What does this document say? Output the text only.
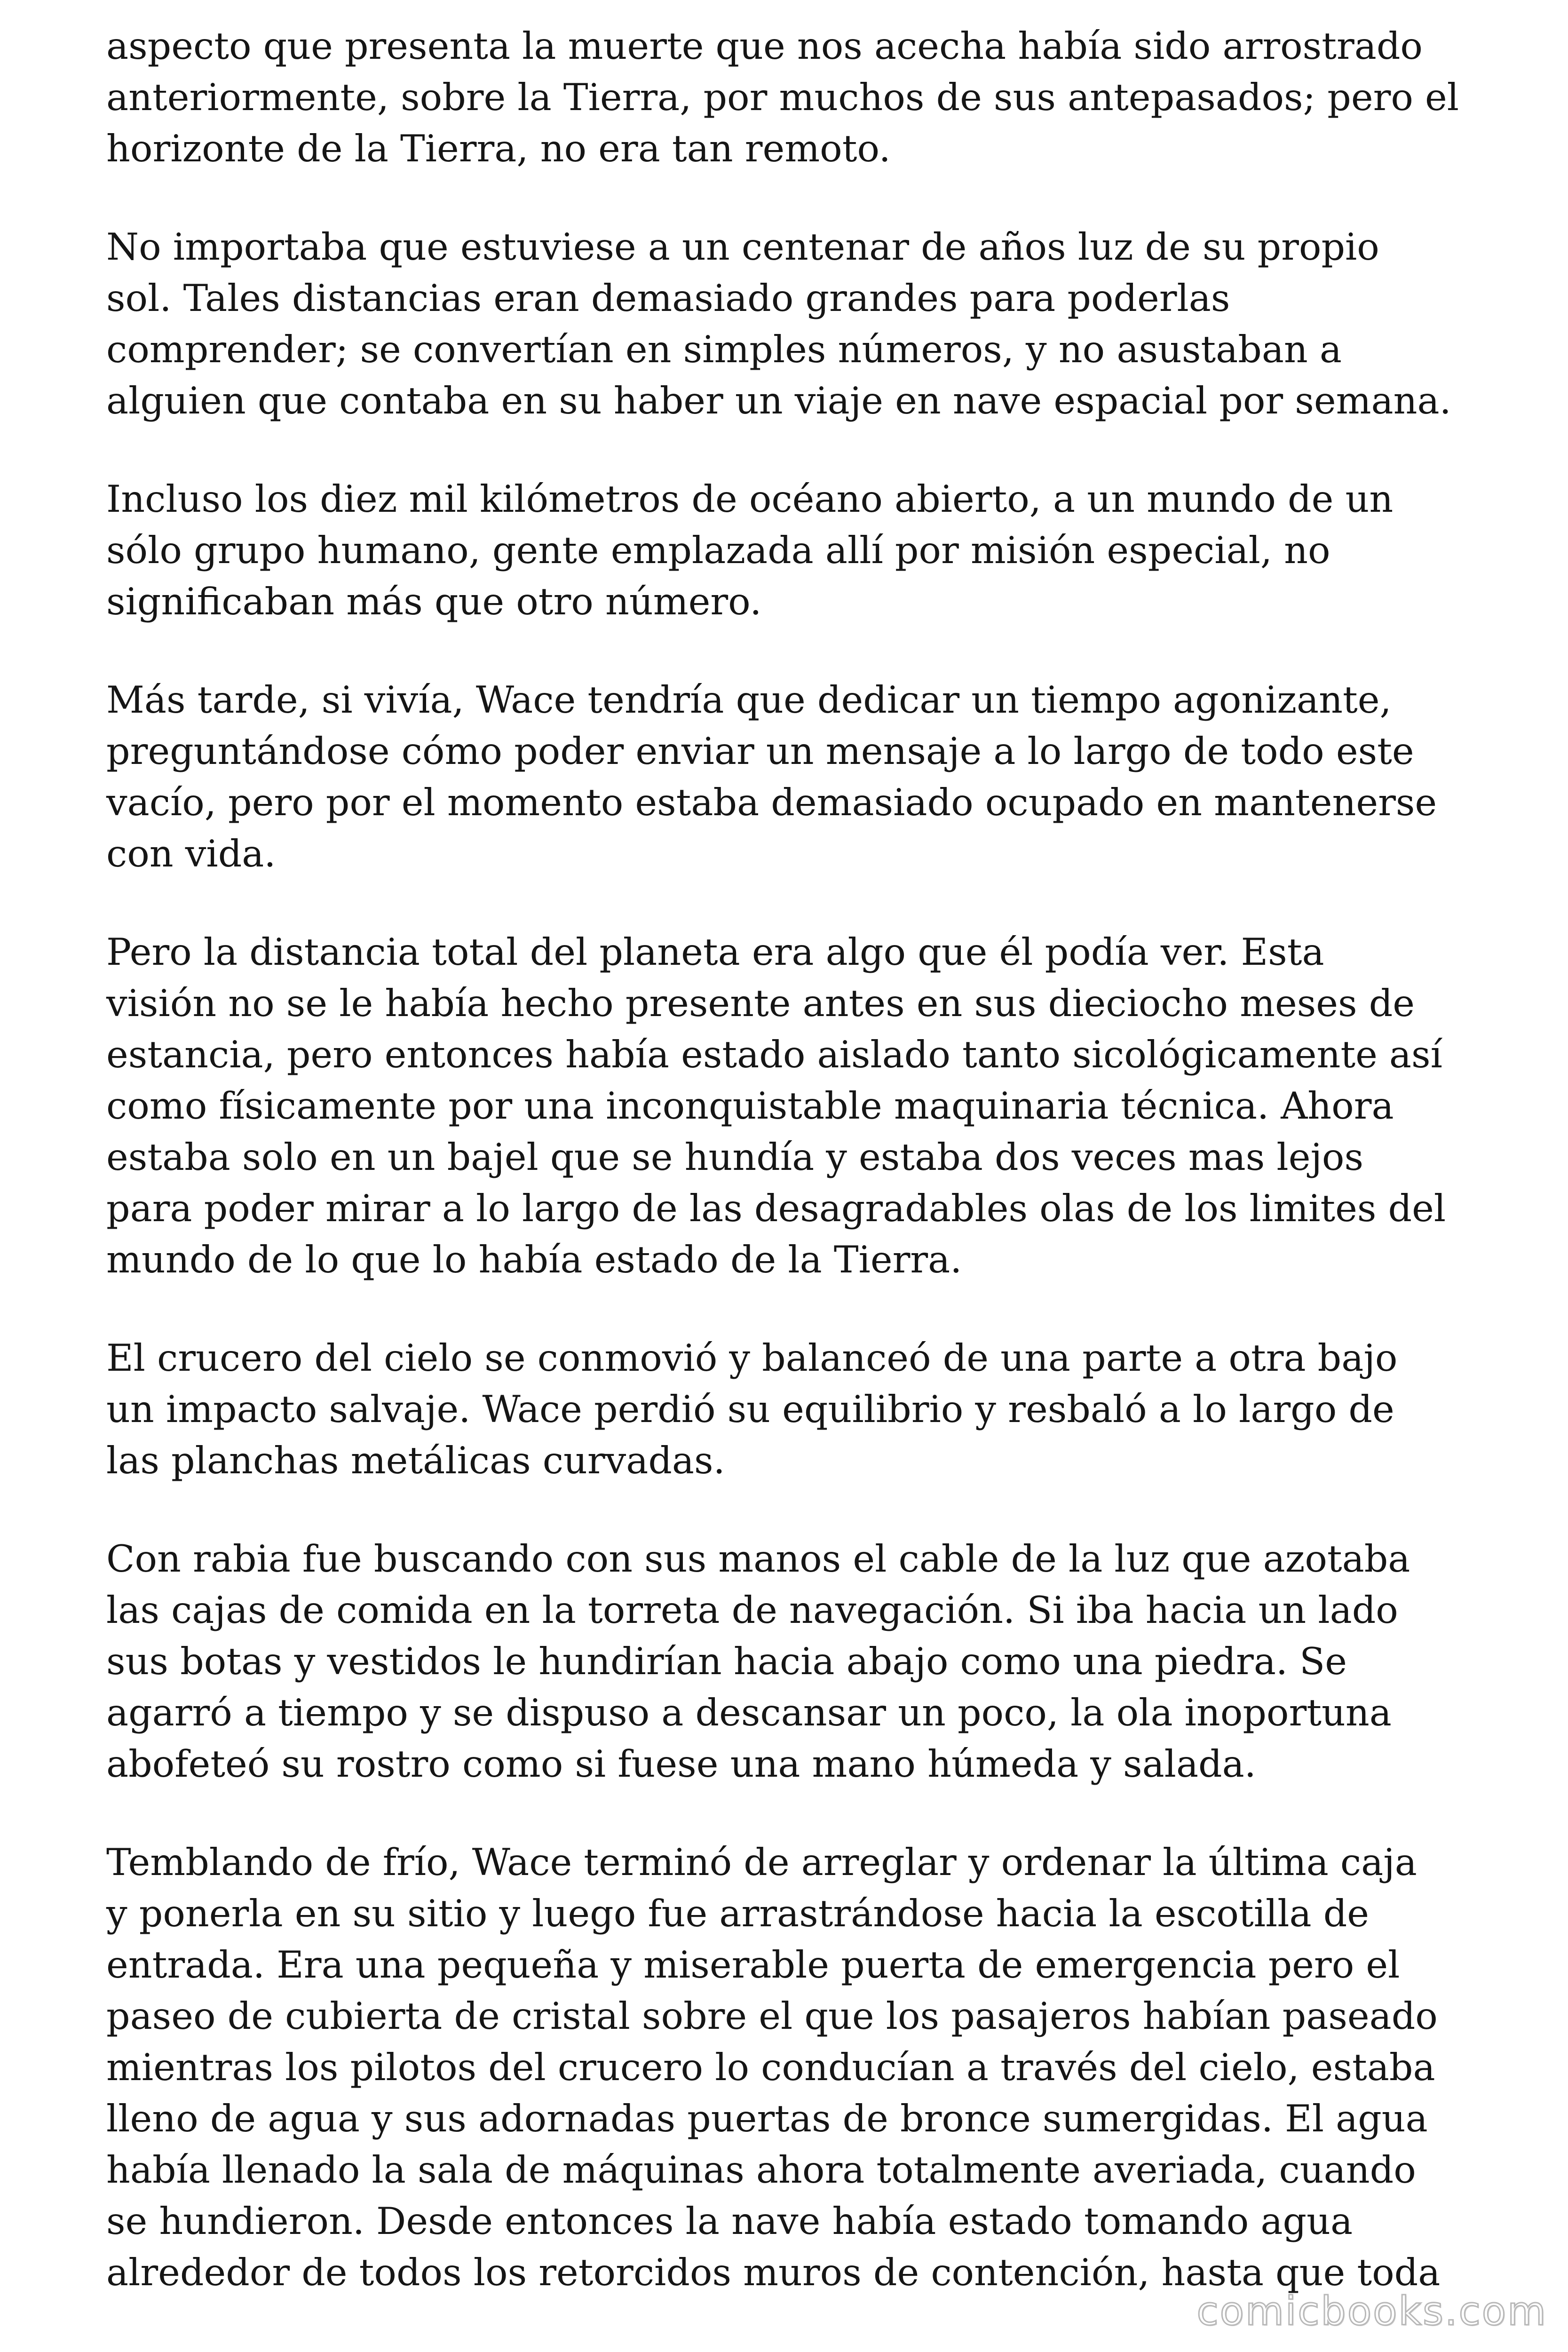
aspecto que presenta la muerte que nos acecha había sido arrostrado
anteriormente, sobre la Tierra, por muchos de sus antepasados; pero el
horizonte de la Tierra, no era tan remoto.

No importaba que estuviese a un centenar de años luz de su propio
sol. Tales distancias eran demasiado grandes para poderlas
comprender; se convertían en simples números, y no asustaban a
alguien que contaba en su haber un viaje en nave espacial por semana.

Incluso los diez mil kilómetros de océano abierto, a un mundo de un
sólo grupo humano, gente emplazada allí por misión especial, no
significaban más que otro número.

Más tarde, si vivía, Wace tendría que dedicar un tiempo agonizante,
preguntándose cómo poder enviar un mensaje a lo largo de todo este
vacío, pero por el momento estaba demasiado ocupado en mantenerse
con vida.

Pero la distancia total del planeta era algo que él podía ver. Esta
visión no se le había hecho presente antes en sus dieciocho meses de
estancia, pero entonces había estado aislado tanto sicológicamente así
como físicamente por una inconquistable maquinaria técnica. Ahora
estaba solo en un bajel que se hundía y estaba dos veces mas lejos
para poder mirar a lo largo de las desagradables olas de los limites del
mundo de lo que lo había estado de la Tierra.

El crucero del cielo se conmovió y balanceó de una parte a otra bajo
un impacto salvaje. Wace perdió su equilibrio y resbaló a lo largo de
las planchas metálicas curvadas.

Con rabia fue buscando con sus manos el cable de la luz que azotaba
las cajas de comida en la torreta de navegación. Si iba hacia un lado
sus botas y vestidos le hundirían hacia abajo como una piedra. Se
agarró a tiempo y se dispuso a descansar un poco, la ola inoportuna
abofeteó su rostro como si fuese una mano húmeda y salada.

Temblando de frío, Wace terminó de arreglar y ordenar la última caja
y ponerla en su sitio y luego fue arrastrándose hacia la escotilla de
entrada. Era una pequeña y miserable puerta de emergencia pero el
paseo de cubierta de cristal sobre el que los pasajeros habían paseado
mientras los pilotos del crucero lo conducían a través del cielo, estaba
lleno de agua y sus adornadas puertas de bronce sumergidas. El agua
había llenado la sala de máquinas ahora totalmente averiada, cuando
se hundieron. Desde entonces la nave había estado tomando agua
alrededor de todos los retorcidos muros de contención, hasta que toda

comicbooks.com
